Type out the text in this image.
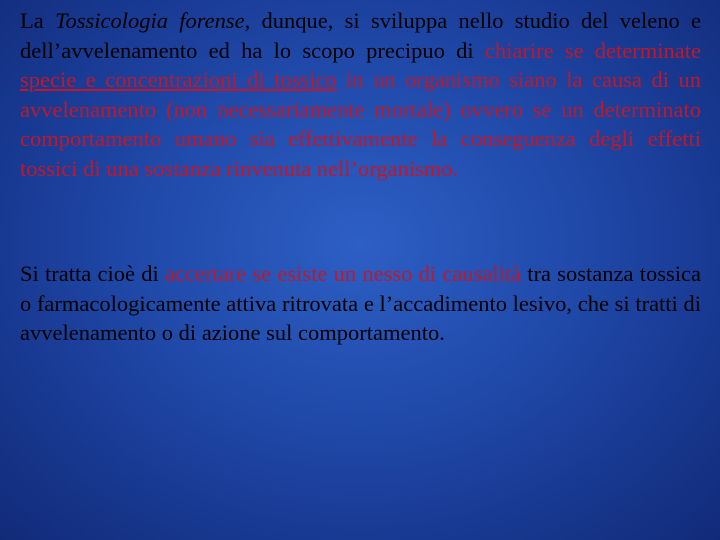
La Tossicologia forense, dunque, si sviluppa nello studio del veleno e dell’avvelenamento ed ha lo scopo precipuo di chiarire se determinate specie e concentrazioni di tossico in un organismo siano la causa di un avvelenamento (non necessariamente mortale) ovvero se un determinato comportamento umano sia effettivamente la conseguenza degli effetti tossici di una sostanza rinvenuta nell’organismo.

Si tratta cioè di accertare se esiste un nesso di causalità tra sostanza tossica o farmacologicamente attiva ritrovata e l’accadimento lesivo, che si tratti di avvelenamento o di azione sul comportamento.
